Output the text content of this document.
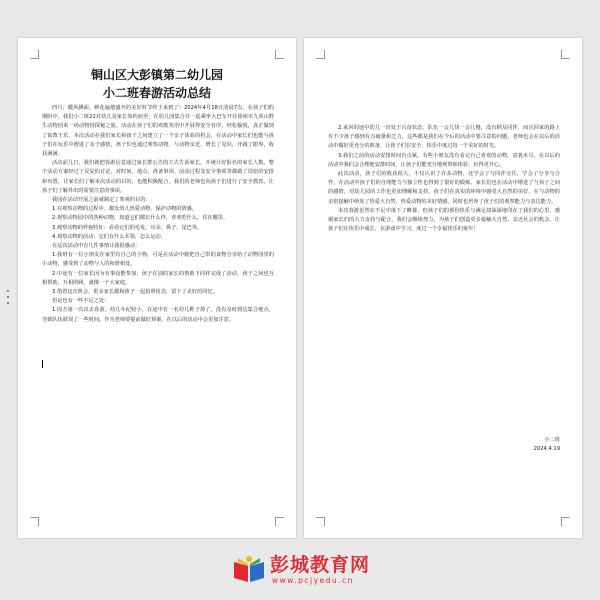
铜山区大彭镇第二幼儿园
小二班春游活动总结

四月，暖风拂面，鲜花遍地盛开的美好时节终于来到了！2024年4月18日清晨7点，在孩子们的期盼中，我们小二班22对幼儿及家长如约而至，在幼儿园集合并一起乘坐大巴车开往徐州市九顶山野生动物园来一场动物园探秘之旅。活动在孩子们的欢歌笑语中开展得安全有序，轻松愉悦，真正做到了寓教于乐。本次活动在我们家长和孩子之间建立了一个亲子体验的机会，在活动中家长们也能与孩子们在玩乐中增进了亲子感情，孩子们也通过观察动物、与动物亲近，增长了见识，开阔了眼界，收获满满。

活动前几日，我们就把春游信息通过家长群公告的方式告诉家长，并统计好报名的家长人数。整个活动方案经过了反复的讨论，对时间、地点、准备事项、活动过程及安全事项等都做了周密的安排和布置，让家长们了解本次活动的目的，也能积极配合。我们的老师也向孩子们进行了安全教育，让孩子们了解外出时需要注意的事项。

我园在活动开展之前就制定了参观的目的：

1.在观察动物的过程中，激发幼儿热爱动物、保护动物的情感。

2.观察动物园中的各种动物，知道它们都长什么样，喜欢吃什么，住在哪里。

3.观察动物的样貌特征：看看它们的毛发、耳朵、鼻子、尾巴等。

4.观察动物的活动：它们有什么本领，怎么运动。

在这次活动中有几件事情让我很感动：

1.我班有一位小朋友在家里有自己的小狗，可是在活动中她把自己带的食物分享给了动物园里的小动物，感受到了动物与人的和谐相处。

2.中途有一位家长因为有事没能参加，孩子在别的家长的帮助下同样完成了活动，孩子之间也互相帮助，互相照顾，就像一个大家庭。

3.借着这次机会，很多家长都和孩子一起拍照留念，留下了美好的回忆。

但是也有一些不足之处：

1.园方第一次出去春游，幼儿年纪较小，在途中有一名幼儿鞋子掉了，没有及时到达集合地点，导致队伍耽误了一些时间。作为老师要提前做好预案，在以后的活动中会更加注意。

2.来回的途中幼儿一直处于兴奋状态，队伍一会儿快一会儿慢，没有顾及同伴，而且回家的路上有不少孩子感到有点疲惫和乏力，这些都是我们在今后的活动中要注意的问题，老师也会在以后的活动中做好更充分的准备，让孩子们在安全、快乐中度过每一个美好的时光。

3.我们之前的活动安排时间有点紧，有些小朋友没有看完自己喜欢的动物，意犹未尽。在以后的活动中我们会合理地安排时间，让孩子们能充分地观察和体验，玩得更开心。

此次活动，孩子们的收获很大，不仅认识了许多动物，还学会了与同伴交往，学会了分享与合作，在活动中孩子们的自理能力与独立性也得到了很好的锻炼。家长们也在活动中增进了与孩子之间的感情，对幼儿园的工作也更加理解和支持。孩子们在真实的环境中感受大自然的美好，在与动物的亲密接触中萌发了热爱大自然、热爱动物的美好情感，同时也培养了孩子们的观察能力与表达能力。

本次春游虽然在不足中落下了帷幕，但孩子们的那份快乐与满足却深深地印在了我们的心里。感谢家长们的大力支持与配合，我们会继续努力，为孩子们创造更多接触大自然、亲近社会的机会，让孩子们在快乐中成长，在游戏中学习，度过一个幸福快乐的童年！

小二班
2024.4.19
彭城教育网
www.pcjyedu.cn
